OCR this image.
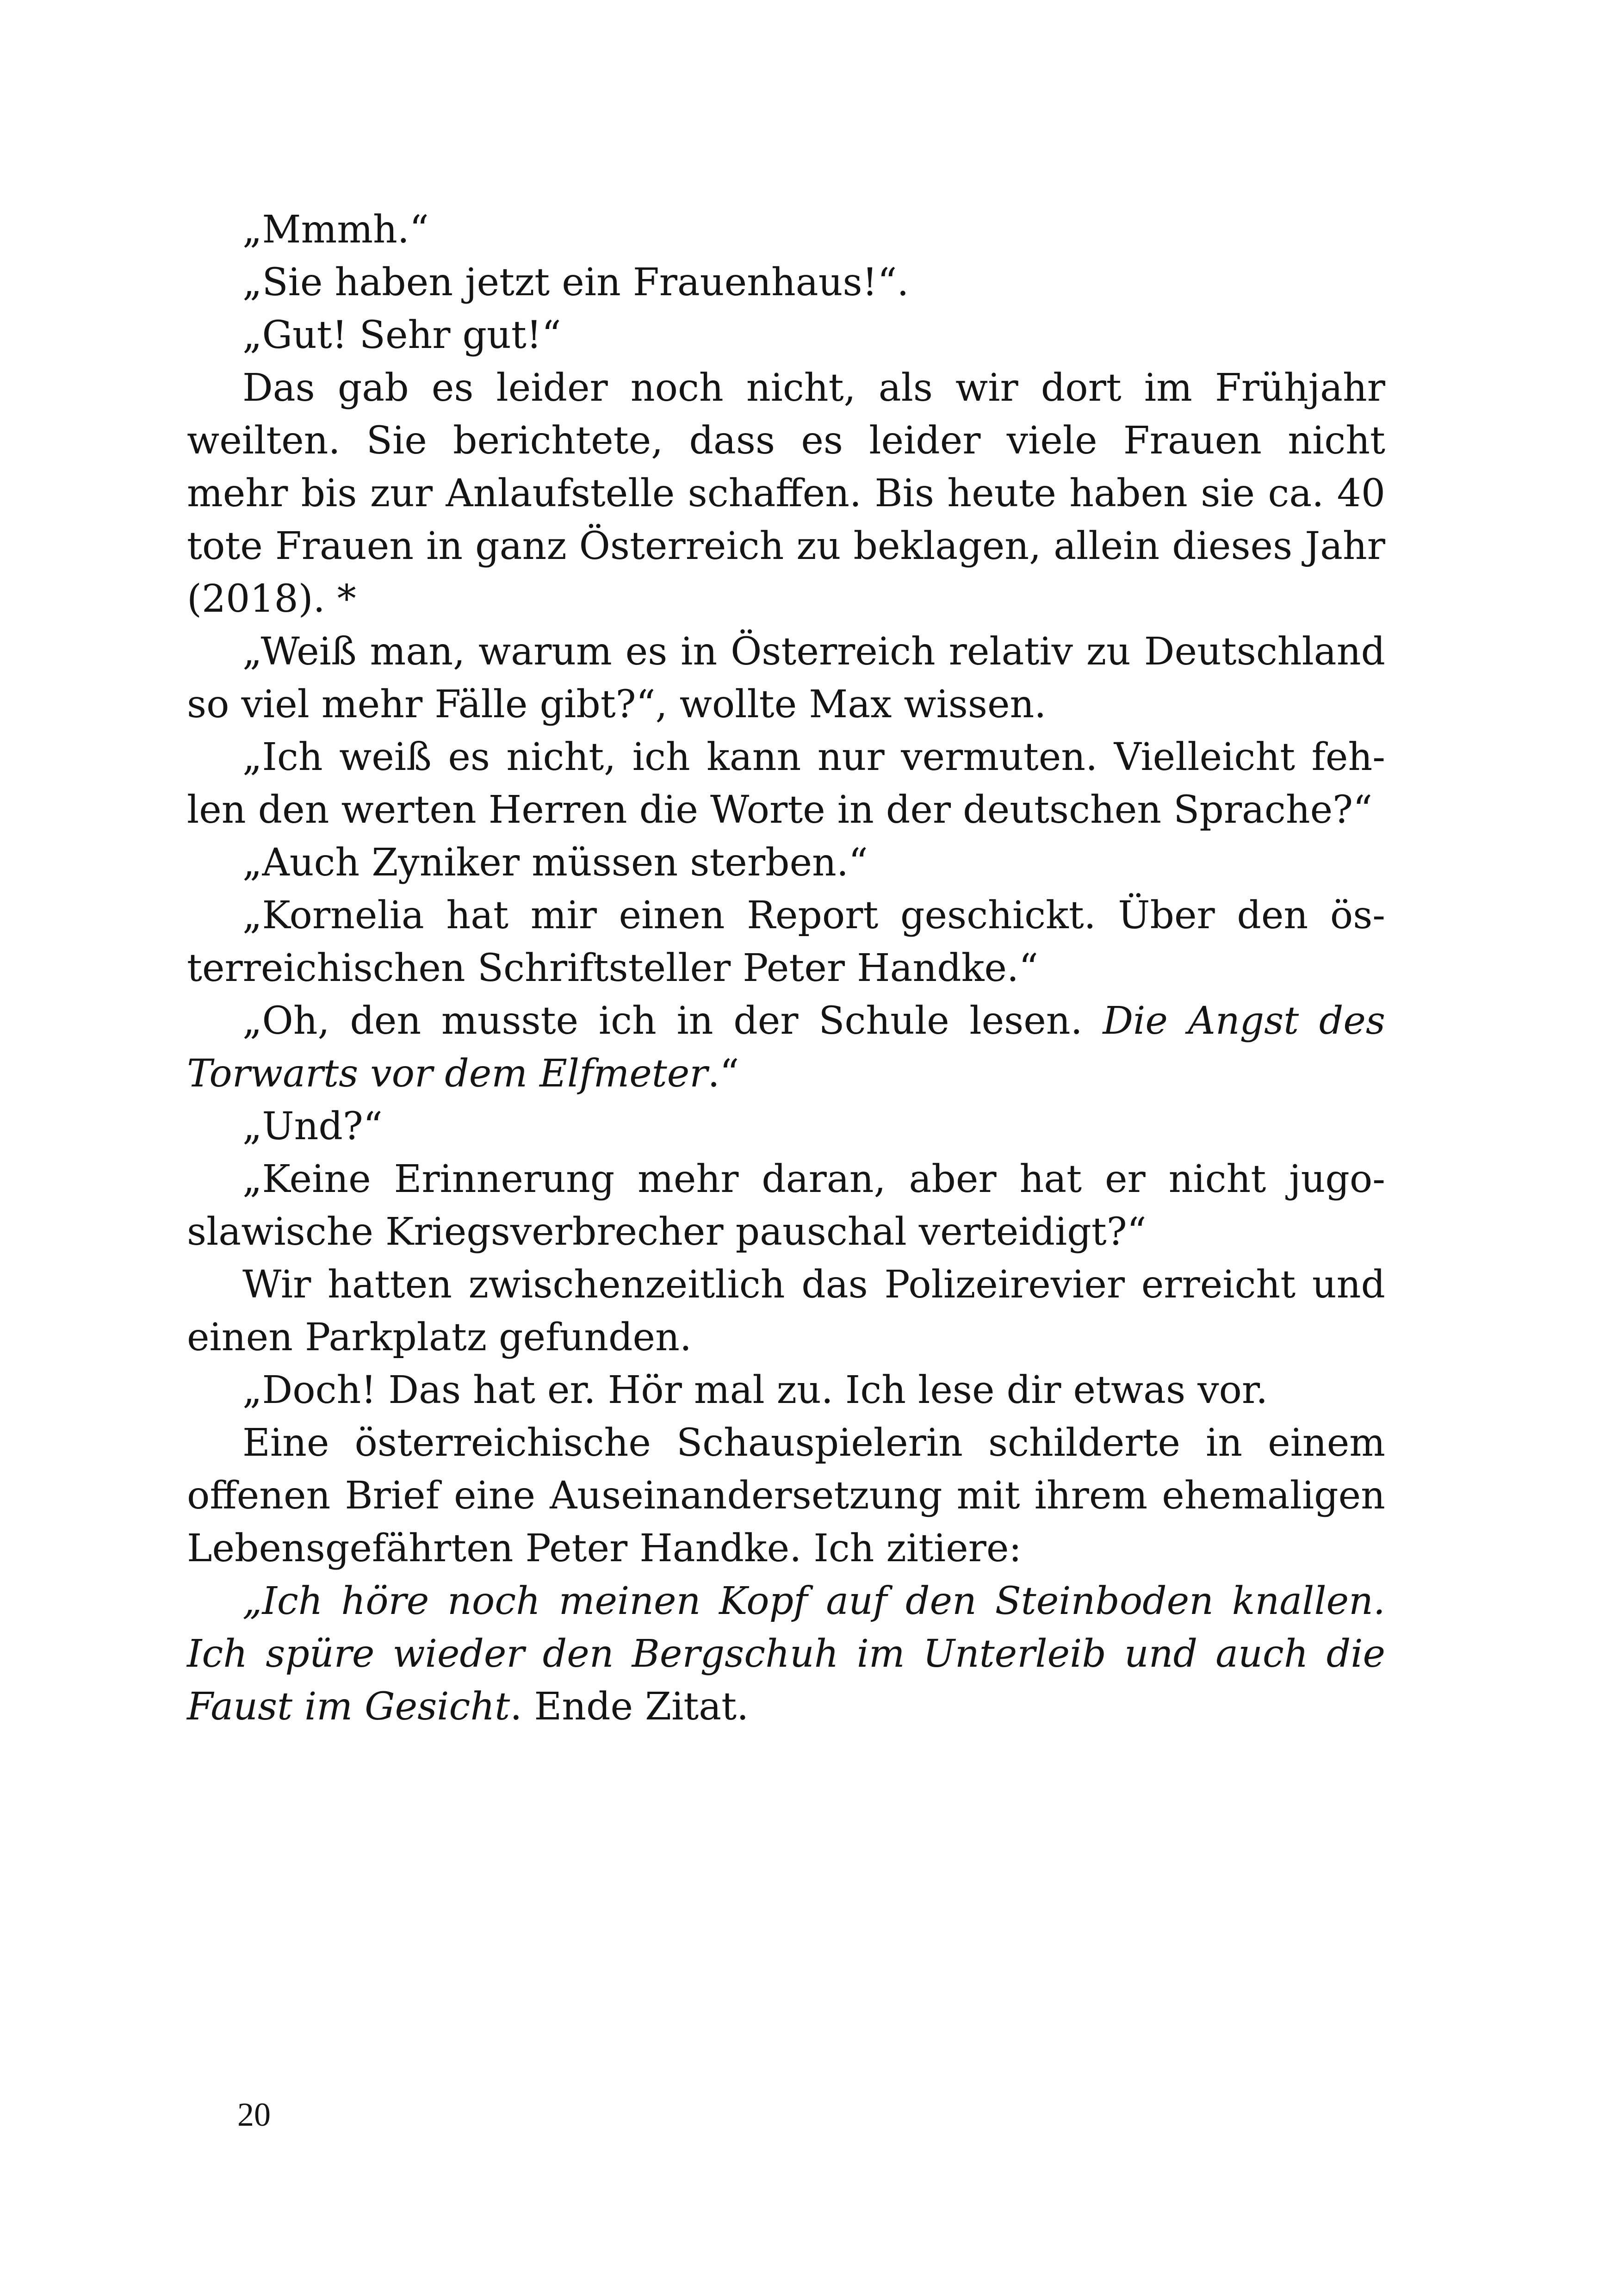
„Mmmh.“

„Sie haben jetzt ein Frauenhaus!“.

„Gut! Sehr gut!“

Das gab es leider noch nicht, als wir dort im Frühjahr weilten. Sie berichtete, dass es leider viele Frauen nicht mehr bis zur Anlaufstelle schaffen. Bis heute haben sie ca. 40 tote Frauen in ganz Österreich zu beklagen, allein dieses Jahr (2018). *

„Weiß man, warum es in Österreich relativ zu Deutschland so viel mehr Fälle gibt?“, wollte Max wissen.

„Ich weiß es nicht, ich kann nur vermuten. Vielleicht fehlen den werten Herren die Worte in der deutschen Sprache?“

„Auch Zyniker müssen sterben.“

„Kornelia hat mir einen Report geschickt. Über den österreichischen Schriftsteller Peter Handke.“

„Oh, den musste ich in der Schule lesen. Die Angst des Torwarts vor dem Elfmeter.“

„Und?“

„Keine Erinnerung mehr daran, aber hat er nicht jugoslawische Kriegsverbrecher pauschal verteidigt?“

Wir hatten zwischenzeitlich das Polizeirevier erreicht und einen Parkplatz gefunden.

„Doch! Das hat er. Hör mal zu. Ich lese dir etwas vor.

Eine österreichische Schauspielerin schilderte in einem offenen Brief eine Auseinandersetzung mit ihrem ehemaligen Lebensgefährten Peter Handke. Ich zitiere:

„Ich höre noch meinen Kopf auf den Steinboden knallen. Ich spüre wieder den Bergschuh im Unterleib und auch die Faust im Gesicht. Ende Zitat.

20
